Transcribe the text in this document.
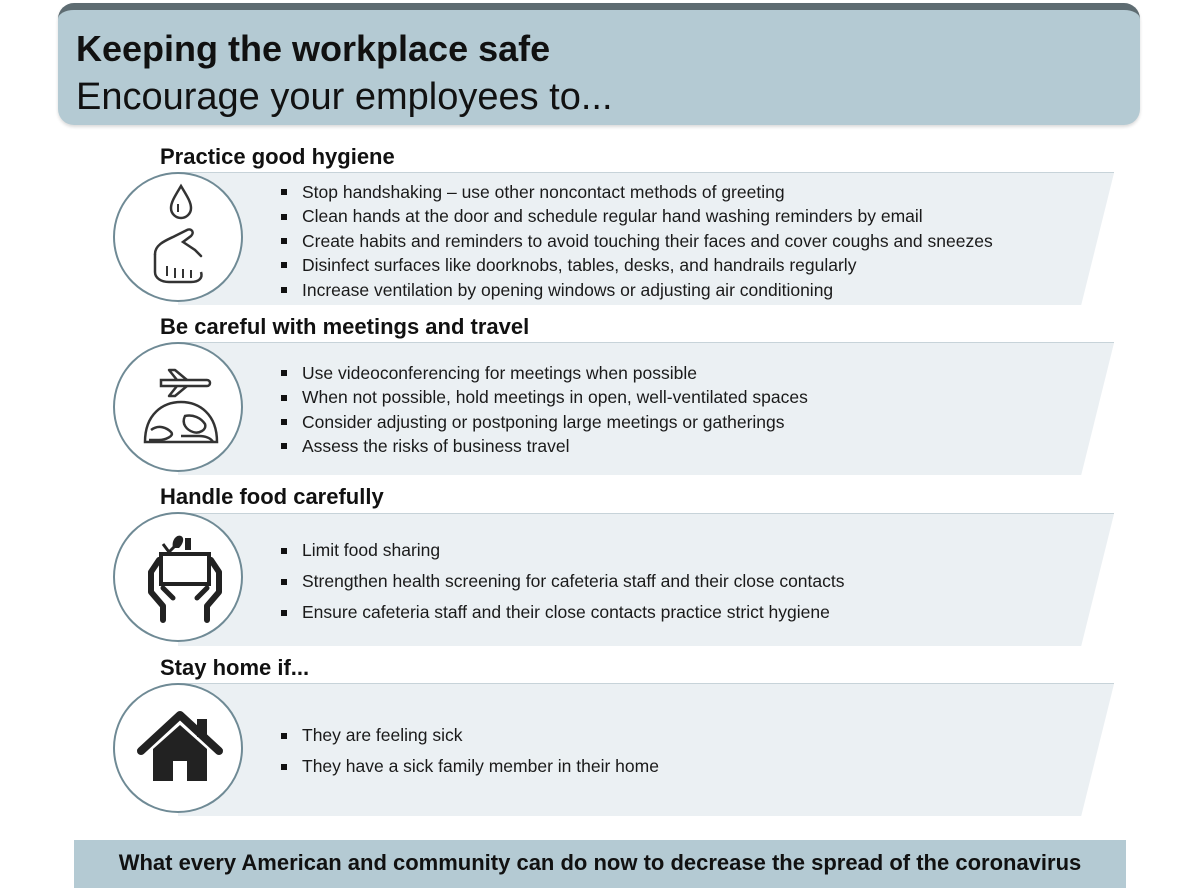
Keeping the workplace safe
Encourage your employees to...
Practice good hygiene
Stop handshaking – use other noncontact methods of greeting
Clean hands at the door and schedule regular hand washing reminders by email
Create habits and reminders to avoid touching their faces and cover coughs and sneezes
Disinfect surfaces like doorknobs, tables, desks, and handrails regularly
Increase ventilation by opening windows or adjusting air conditioning
Be careful with meetings and travel
Use videoconferencing for meetings when possible
When not possible, hold meetings in open, well-ventilated spaces
Consider adjusting or postponing large meetings or gatherings
Assess the risks of business travel
Handle food carefully
Limit food sharing
Strengthen health screening for cafeteria staff and their close contacts
Ensure cafeteria staff and their close contacts practice strict hygiene
Stay home if...
They are feeling sick
They have a sick family member in their home
What every American and community can do now to decrease the spread of the coronavirus
